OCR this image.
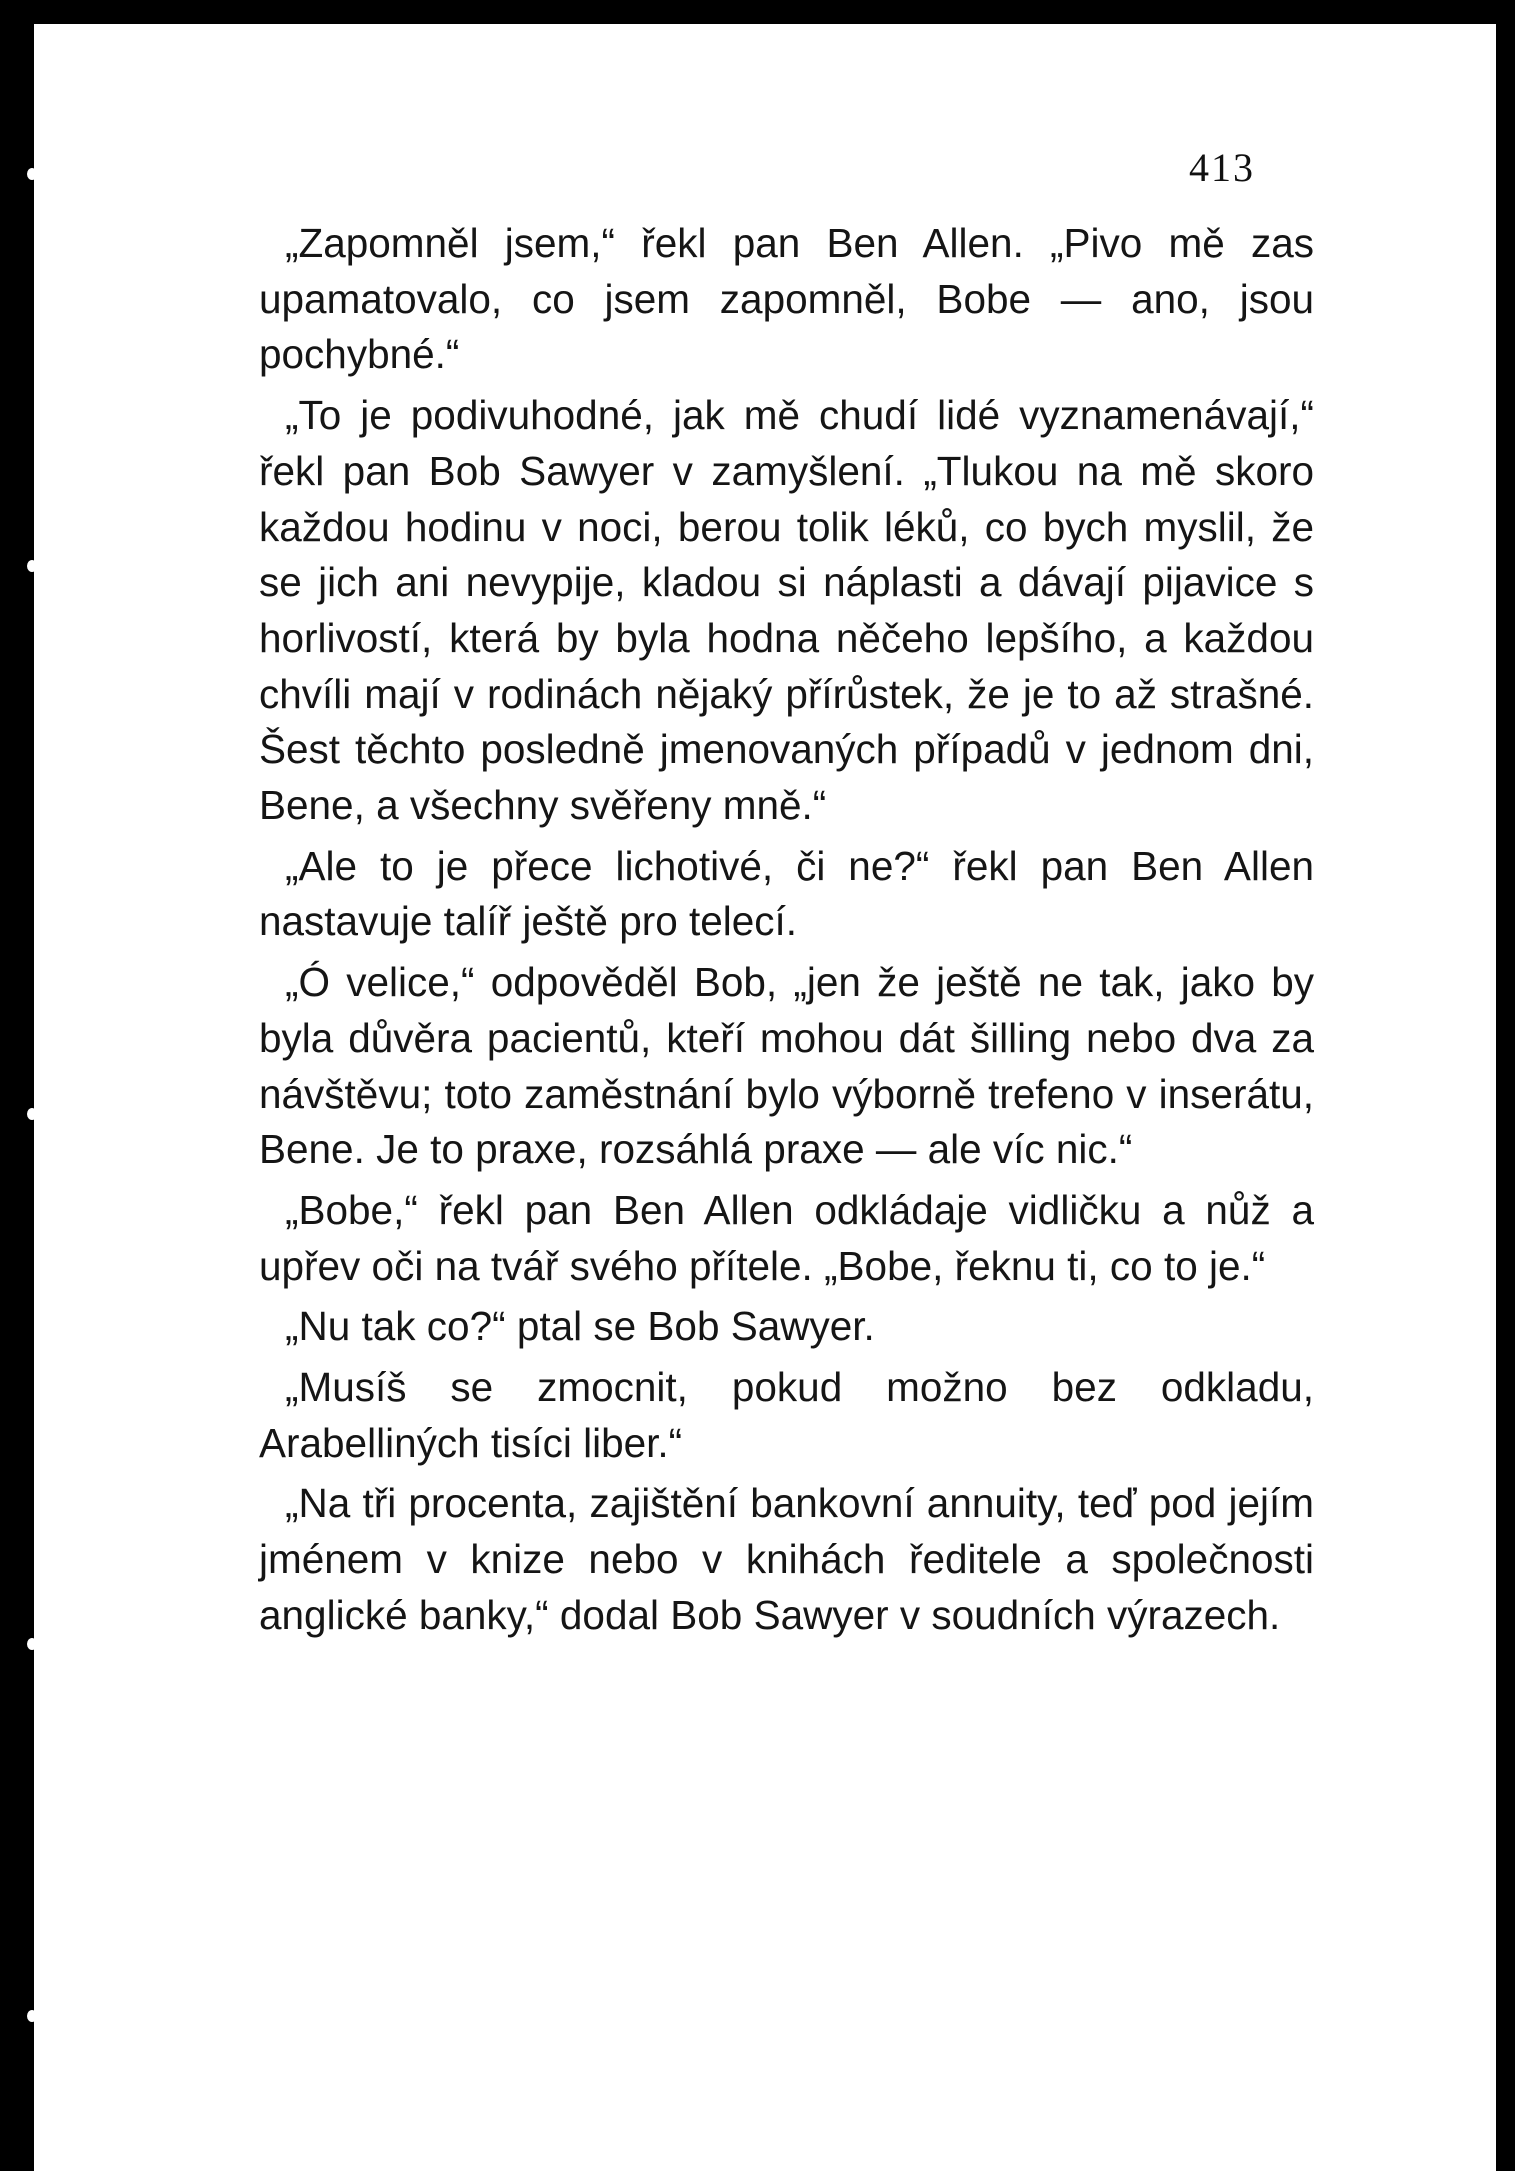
413

„Zapomněl jsem,“ řekl pan Ben Allen. „Pivo mě zas upamatovalo, co jsem zapomněl, Bobe — ano, jsou pochybné.“

„To je podivuhodné, jak mě chudí lidé vyznamenávají,“ řekl pan Bob Sawyer v zamyšlení. „Tlukou na mě skoro každou hodinu v noci, berou tolik léků, co bych myslil, že se jich ani nevypije, kladou si náplasti a dávají pijavice s horlivostí, která by byla hodna něčeho lepšího, a každou chvíli mají v rodinách nějaký přírůstek, že je to až strašné. Šest těchto posledně jmenovaných případů v jednom dni, Bene, a všechny svěřeny mně.“

„Ale to je přece lichotivé, či ne?“ řekl pan Ben Allen nastavuje talíř ještě pro telecí.

„Ó velice,“ odpověděl Bob, „jen že ještě ne tak, jako by byla důvěra pacientů, kteří mohou dát šilling nebo dva za návštěvu; toto zaměstnání bylo výborně trefeno v inserátu, Bene. Je to praxe, rozsáhlá praxe — ale víc nic.“

„Bobe,“ řekl pan Ben Allen odkládaje vidličku a nůž a upřev oči na tvář svého přítele. „Bobe, řeknu ti, co to je.“

„Nu tak co?“ ptal se Bob Sawyer.

„Musíš se zmocnit, pokud možno bez odkladu, Arabelliných tisíci liber.“

„Na tři procenta, zajištění bankovní annuity, teď pod jejím jménem v knize nebo v knihách ředitele a společnosti anglické banky,“ dodal Bob Sawyer v soudních výrazech.
